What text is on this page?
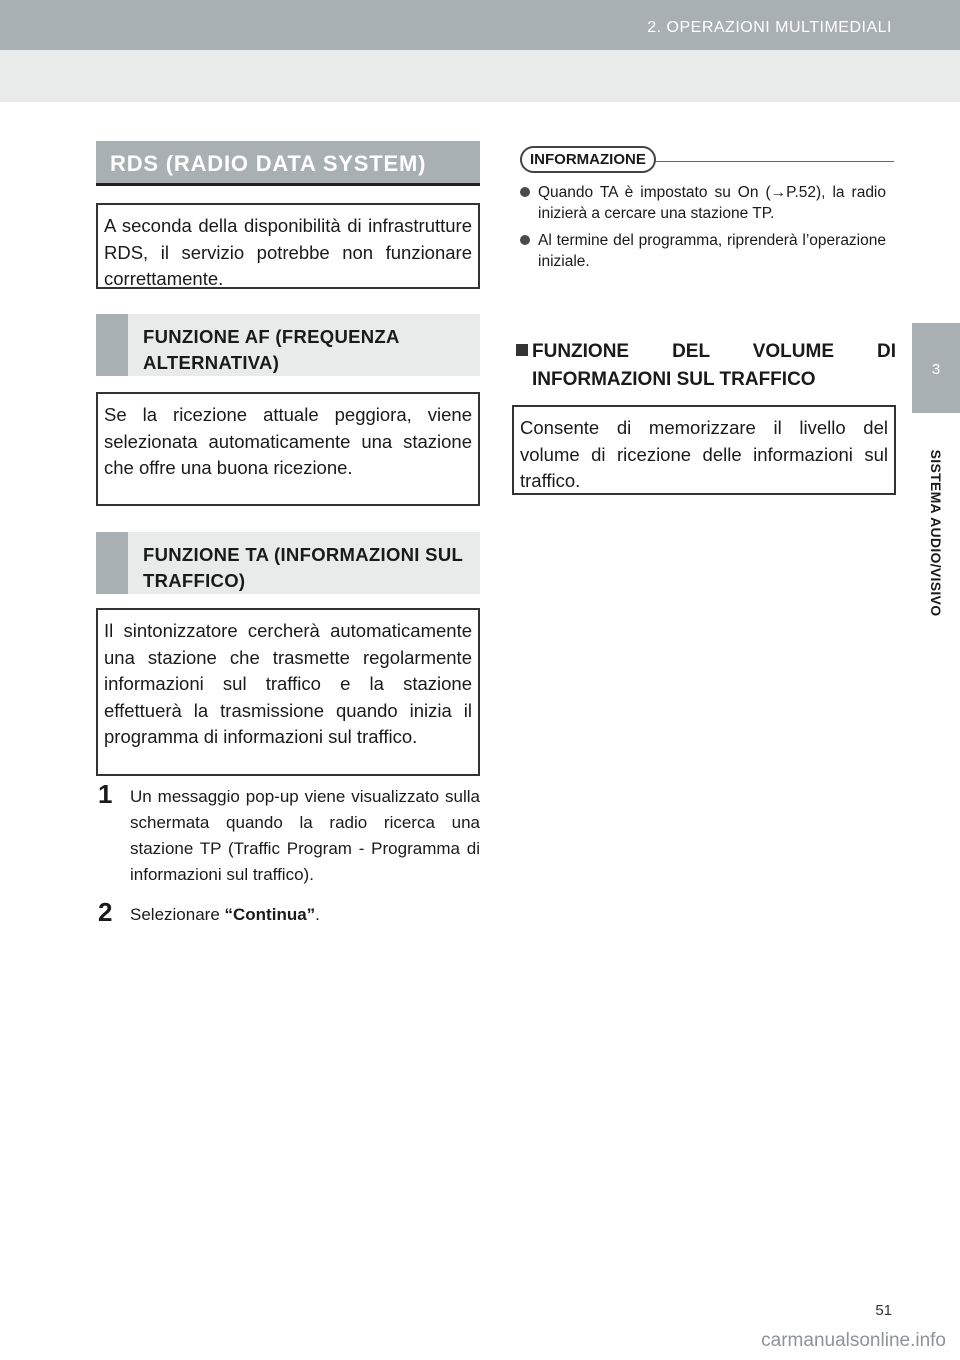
2. OPERAZIONI MULTIMEDIALI
3
SISTEMA AUDIO/VISIVO
RDS (RADIO DATA SYSTEM)

A seconda della disponibilità di infrastrutture RDS, il servizio potrebbe non funzionare correttamente.

FUNZIONE AF (FREQUENZA ALTERNATIVA)

Se la ricezione attuale peggiora, viene selezionata automaticamente una stazione che offre una buona ricezione.

FUNZIONE TA (INFORMAZIONI SUL TRAFFICO)

Il sintonizzatore cercherà automaticamente una stazione che trasmette regolarmente informazioni sul traffico e la stazione effettuerà la trasmissione quando inizia il programma di informazioni sul traffico.

1 Un messaggio pop-up viene visualizzato sulla schermata quando la radio ricerca una stazione TP (Traffic Program - Programma di informazioni sul traffico).
2 Selezionare “Continua”.
INFORMAZIONE
Quando TA è impostato su On (→P.52), la radio inizierà a cercare una stazione TP.
Al termine del programma, riprenderà l’operazione iniziale.
FUNZIONE DEL VOLUME DI INFORMAZIONI SUL TRAFFICO

Consente di memorizzare il livello del volume di ricezione delle informazioni sul traffico.

51
carmanualsonline.info
